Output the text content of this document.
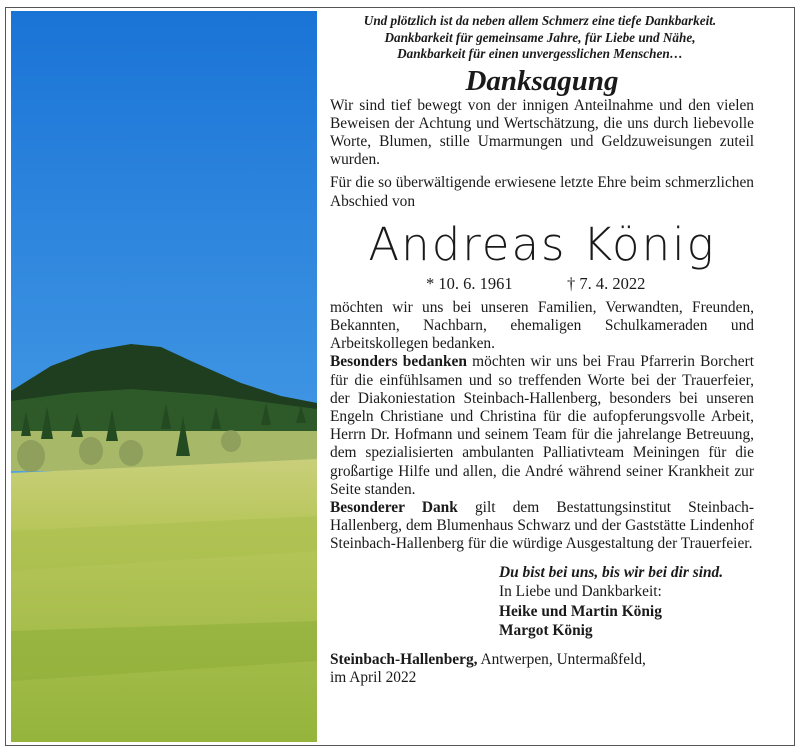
Und plötzlich ist da neben allem Schmerz eine tiefe Dankbarkeit.
Dankbarkeit für gemeinsame Jahre, für Liebe und Nähe,
Dankbarkeit für einen unvergesslichen Menschen…
Danksagung

Wir sind tief bewegt von der innigen Anteilnahme und den vielen Beweisen der Achtung und Wertschätzung, die uns durch liebevolle Worte, Blumen, stille Umarmungen und Geldzuweisungen zuteil wurden.

Für die so überwältigende erwiesene letzte Ehre beim schmerzlichen Abschied von

Andreas König
* 10. 6. 1961	† 7. 4. 2022

möchten wir uns bei unseren Familien, Verwandten, Freunden, Bekannten, Nachbarn, ehemaligen Schulkameraden und Arbeitskollegen bedanken.

Besonders bedanken möchten wir uns bei Frau Pfarrerin Borchert für die einfühlsamen und so treffenden Worte bei der Trauerfeier, der Diakoniestation Steinbach-Hallenberg, besonders bei unseren Engeln Christiane und Christina für die aufopferungsvolle Arbeit, Herrn Dr. Hofmann und seinem Team für die jahrelange Betreuung, dem spezialisierten ambulanten Palliativteam Meiningen für die großartige Hilfe und allen, die André während seiner Krankheit zur Seite standen.

Besonderer Dank gilt dem Bestattungsinstitut Steinbach-Hallenberg, dem Blumenhaus Schwarz und der Gaststätte Lindenhof Steinbach-Hallenberg für die würdige Ausgestaltung der Trauerfeier.

Du bist bei uns, bis wir bei dir sind.
In Liebe und Dankbarkeit:
Heike und Martin König
Margot König
Steinbach-Hallenberg, Antwerpen, Untermaßfeld,
im April 2022
